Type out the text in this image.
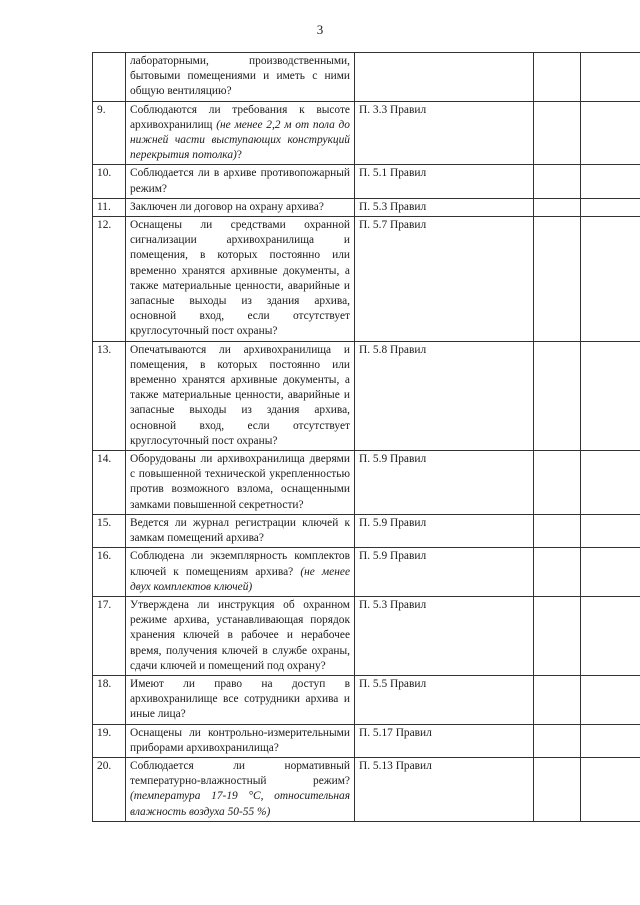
3
	лабораторными, производственными, бытовыми помещениями и иметь с ними общую вентиляцию?			
9.	Соблюдаются ли требования к высоте архивохранилищ (не менее 2,2 м от пола до нижней части выступающих конструкций перекрытия потолка)?	П. 3.3 Правил		
10.	Соблюдается ли в архиве противопожарный режим?	П. 5.1 Правил		
11.	Заключен ли договор на охрану архива?	П. 5.3 Правил		
12.	Оснащены ли средствами охранной сигнализации архивохранилища и помещения, в которых постоянно или временно хранятся архивные документы, а также материальные ценности, аварийные и запасные выходы из здания архива, основной вход, если отсутствует круглосуточный пост охраны?	П. 5.7 Правил		
13.	Опечатываются ли архивохранилища и помещения, в которых постоянно или временно хранятся архивные документы, а также материальные ценности, аварийные и запасные выходы из здания архива, основной вход, если отсутствует круглосуточный пост охраны?	П. 5.8 Правил		
14.	Оборудованы ли архивохранилища дверями с повышенной технической укрепленностью против возможного взлома, оснащенными замками повышенной секретности?	П. 5.9 Правил		
15.	Ведется ли журнал регистрации ключей к замкам помещений архива?	П. 5.9 Правил		
16.	Соблюдена ли экземплярность комплектов ключей к помещениям архива? (не менее двух комплектов ключей)	П. 5.9 Правил		
17.	Утверждена ли инструкция об охранном режиме архива, устанавливающая порядок хранения ключей в рабочее и нерабочее время, получения ключей в службе охраны, сдачи ключей и помещений под охрану?	П. 5.3 Правил		
18.	Имеют ли право на доступ в архивохранилище все сотрудники архива и иные лица?	П. 5.5 Правил		
19.	Оснащены ли контрольно-измерительными приборами архивохранилища?	П. 5.17 Правил		
20.	Соблюдается ли нормативный температурно-влажностный режим? (температура 17-19 °С, относительная влажность воздуха 50-55 %)	П. 5.13 Правил		
